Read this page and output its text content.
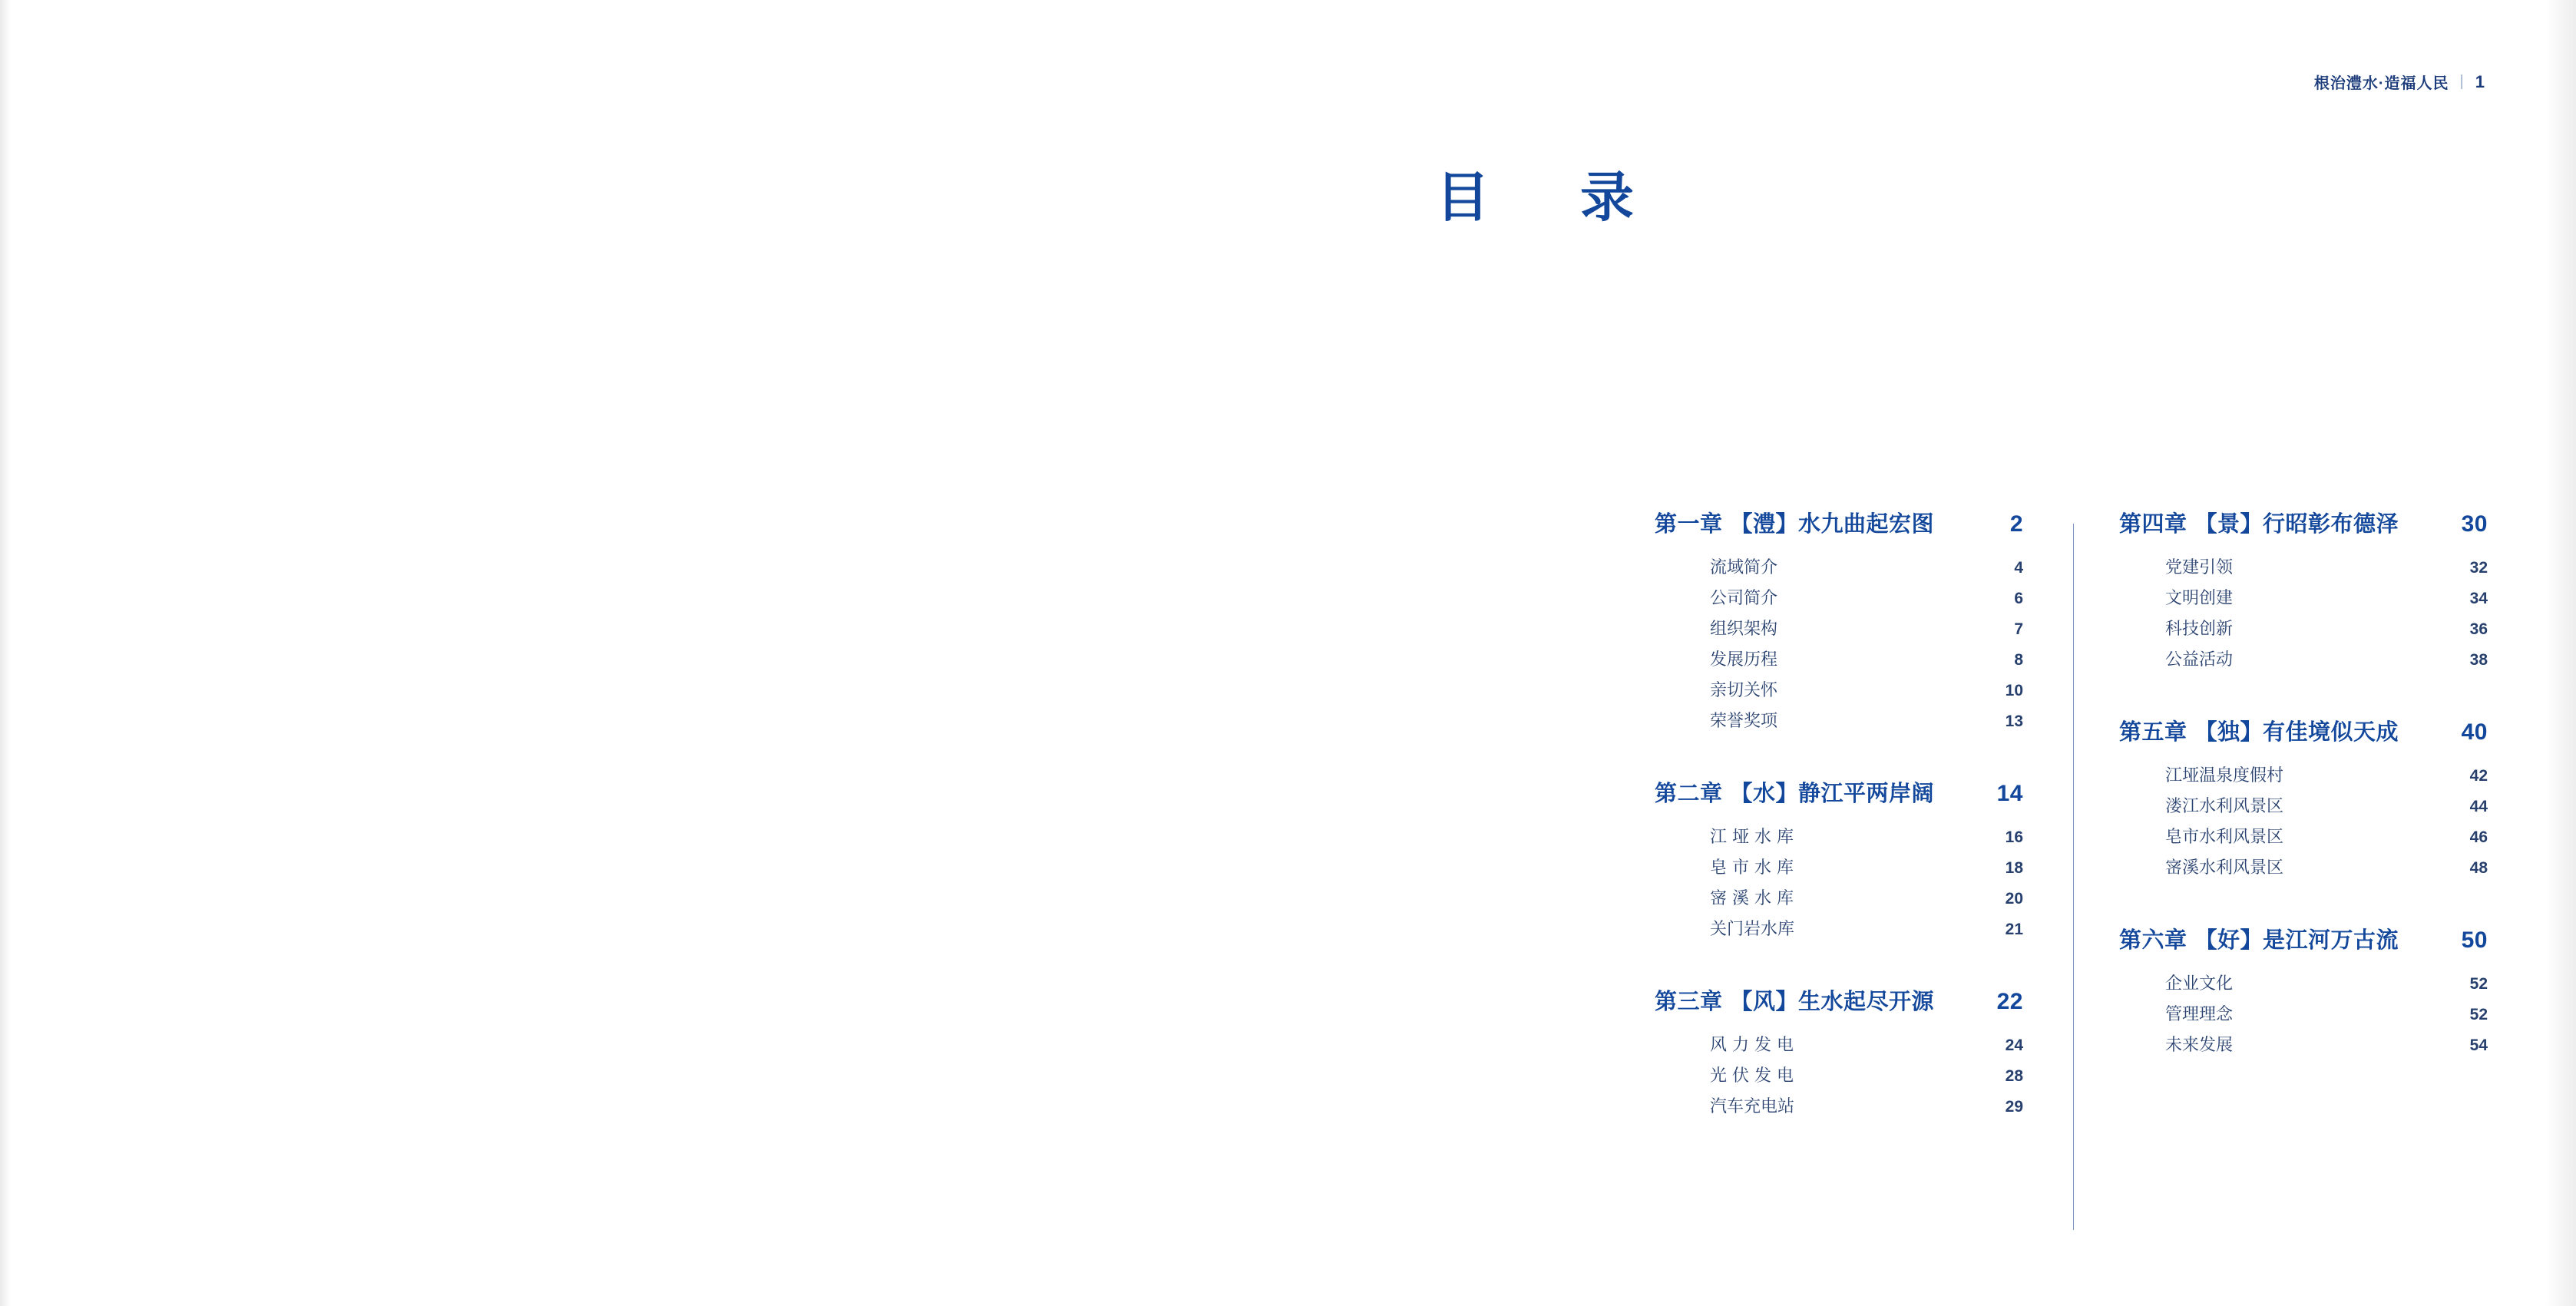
根治澧水·造福人民 | 1
目　录
第一章 【澧】水九曲起宏图	2
流域简介	4
公司简介	6
组织架构	7
发展历程	8
亲切关怀	10
荣誉奖项	13
第二章 【水】静江平两岸阔	14
江垭水库	16
皂市水库	18
宻溪水库	20
关门岩水库	21
第三章 【风】生水起尽开源	22
风力发电	24
光伏发电	28
汽车充电站	29
第四章 【景】行昭彰布德泽	30
党建引领	32
文明创建	34
科技创新	36
公益活动	38
第五章 【独】有佳境似天成	40
江垭温泉度假村	42
溇江水利风景区	44
皂市水利风景区	46
宻溪水利风景区	48
第六章 【好】是江河万古流	50
企业文化	52
管理理念	52
未来发展	54
